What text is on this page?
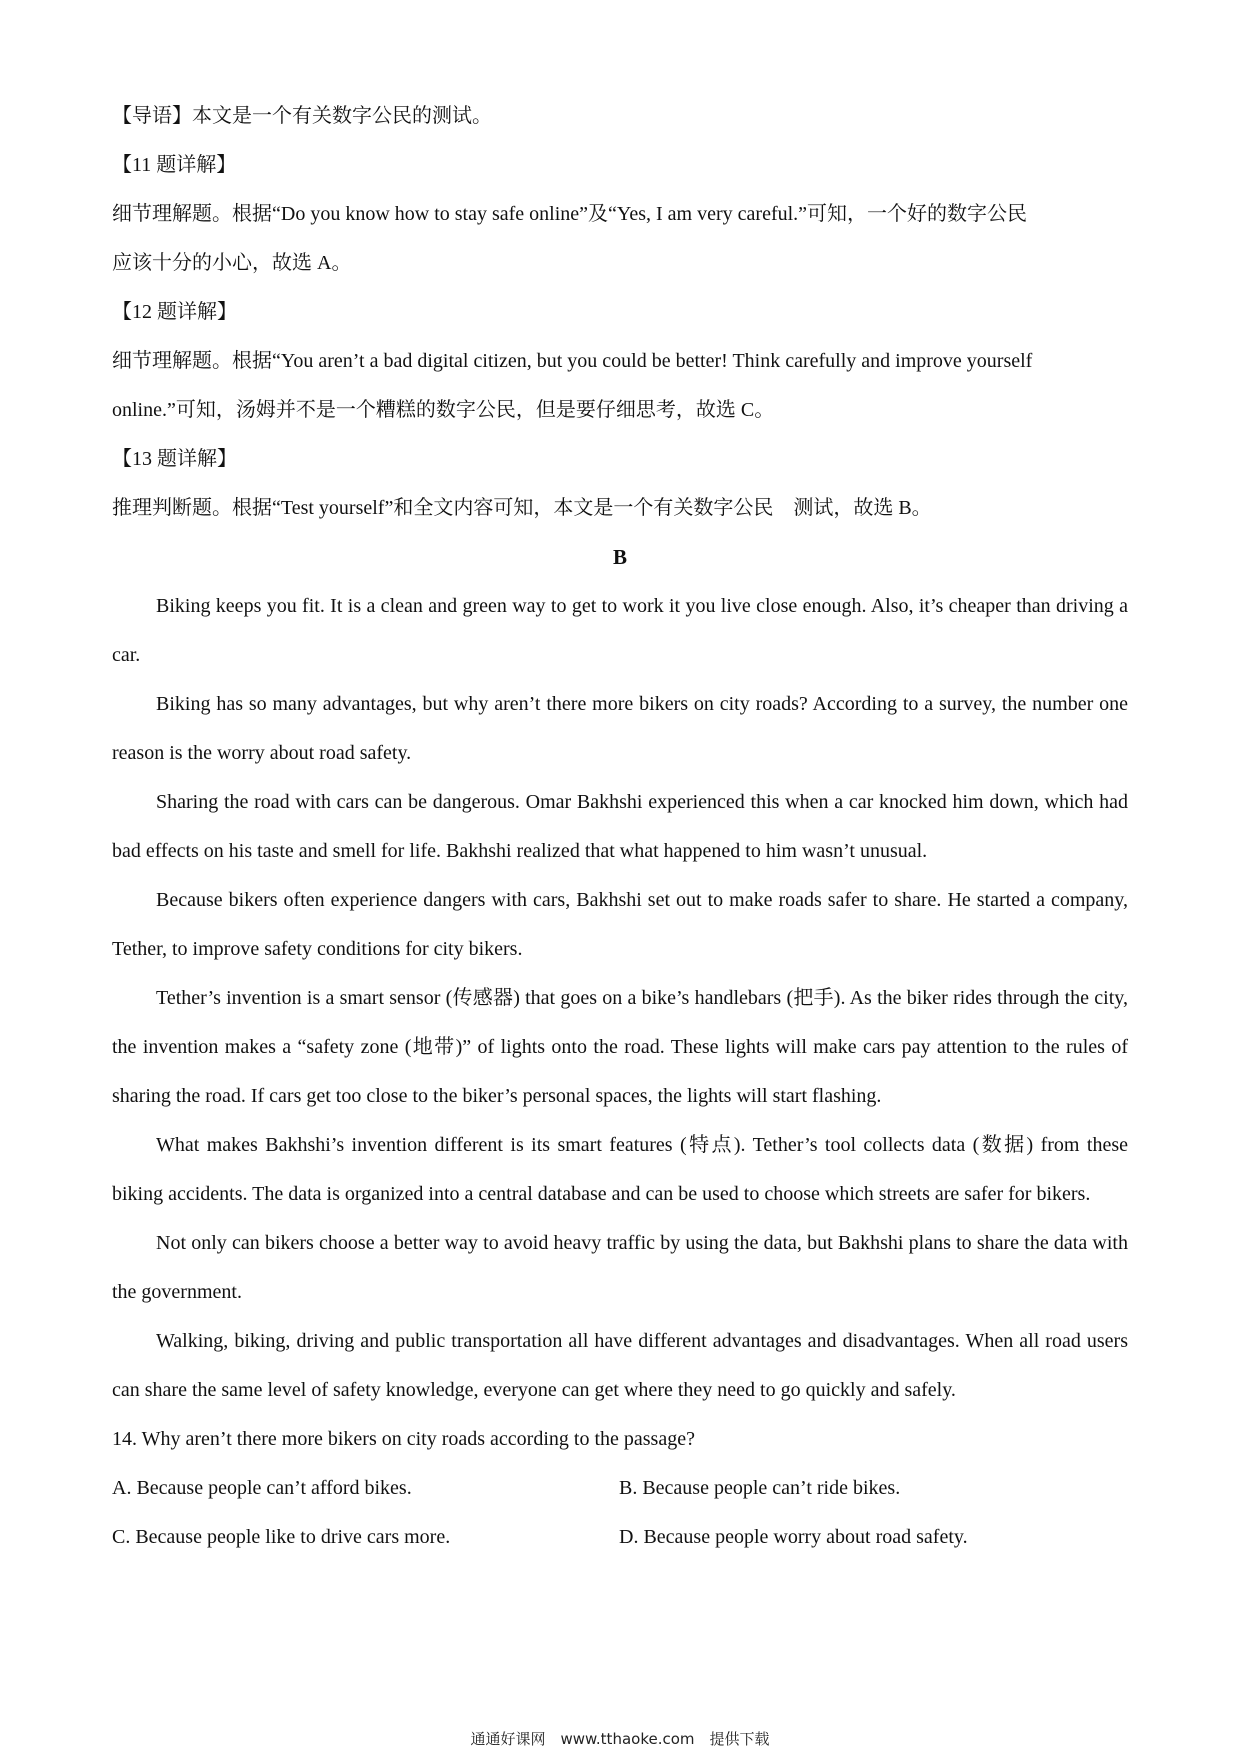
【导语】本文是一个有关数字公民的测试。

【11 题详解】

细节理解题。根据“Do you know how to stay safe online”及“Yes, I am very careful.”可知，一个好的数字公民

应该十分的小心，故选 A。

【12 题详解】

细节理解题。根据“You aren’t a bad digital citizen, but you could be better! Think carefully and improve yourself

online.”可知，汤姆并不是一个糟糕的数字公民，但是要仔细思考，故选 C。

【13 题详解】

推理判断题。根据“Test yourself”和全文内容可知，本文是一个有关数字公民　测试，故选 B。

B

Biking keeps you fit. It is a clean and green way to get to work it you live close enough. Also, it’s cheaper than driving a car.

Biking has so many advantages, but why aren’t there more bikers on city roads? According to a survey, the number one reason is the worry about road safety.

Sharing the road with cars can be dangerous. Omar Bakhshi experienced this when a car knocked him down, which had bad effects on his taste and smell for life. Bakhshi realized that what happened to him wasn’t unusual.

Because bikers often experience dangers with cars, Bakhshi set out to make roads safer to share. He started a company, Tether, to improve safety conditions for city bikers.

Tether’s invention is a smart sensor (传感器) that goes on a bike’s handlebars (把手). As the biker rides through the city, the invention makes a “safety zone (地带)” of lights onto the road. These lights will make cars pay attention to the rules of sharing the road. If cars get too close to the biker’s personal spaces, the lights will start flashing.

What makes Bakhshi’s invention different is its smart features (特点). Tether’s tool collects data (数据) from these biking accidents. The data is organized into a central database and can be used to choose which streets are safer for bikers.

Not only can bikers choose a better way to avoid heavy traffic by using the data, but Bakhshi plans to share the data with the government.

Walking, biking, driving and public transportation all have different advantages and disadvantages. When all road users can share the same level of safety knowledge, everyone can get where they need to go quickly and safely.

14. Why aren’t there more bikers on city roads according to the passage?

A. Because people can’t afford bikes.	B. Because people can’t ride bikes.
C. Because people like to drive cars more.	D. Because people worry about road safety.
通通好课网　www.tthaoke.com　提供下载
